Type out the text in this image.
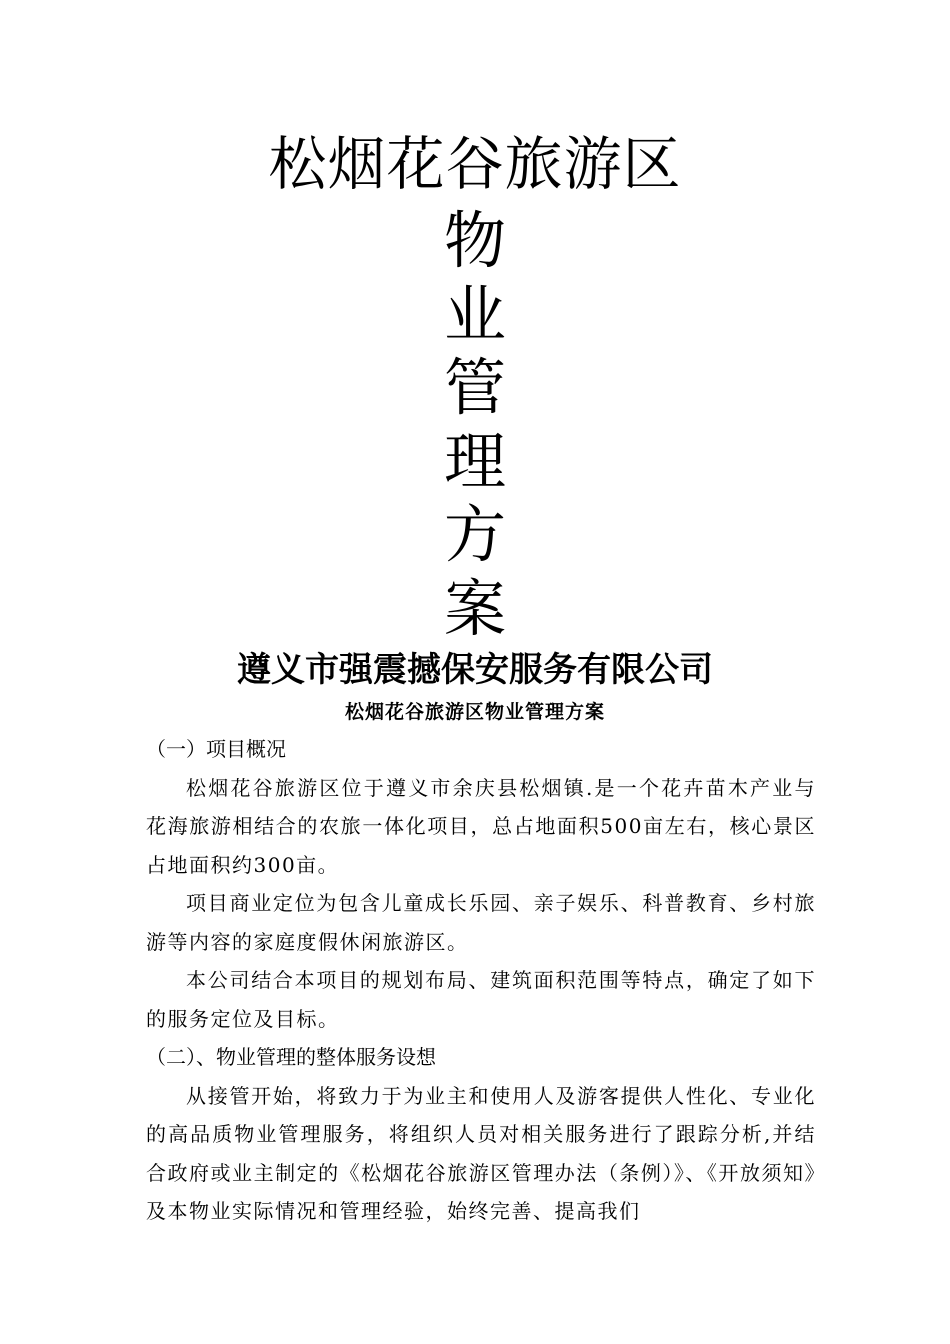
松烟花谷旅游区
物
业
管
理
方
案
遵义市强震撼保安服务有限公司
松烟花谷旅游区物业管理方案

（一）项目概况

松烟花谷旅游区位于遵义市余庆县松烟镇.是一个花卉苗木产业与花海旅游相结合的农旅一体化项目，总占地面积500亩左右，核心景区占地面积约300亩。

项目商业定位为包含儿童成长乐园、亲子娱乐、科普教育、乡村旅游等内容的家庭度假休闲旅游区。

本公司结合本项目的规划布局、建筑面积范围等特点，确定了如下的服务定位及目标。

（二）、物业管理的整体服务设想

从接管开始，将致力于为业主和使用人及游客提供人性化、专业化的高品质物业管理服务，将组织人员对相关服务进行了跟踪分析,并结合政府或业主制定的《松烟花谷旅游区管理办法（条例）》、《开放须知》及本物业实际情况和管理经验，始终完善、提高我们
